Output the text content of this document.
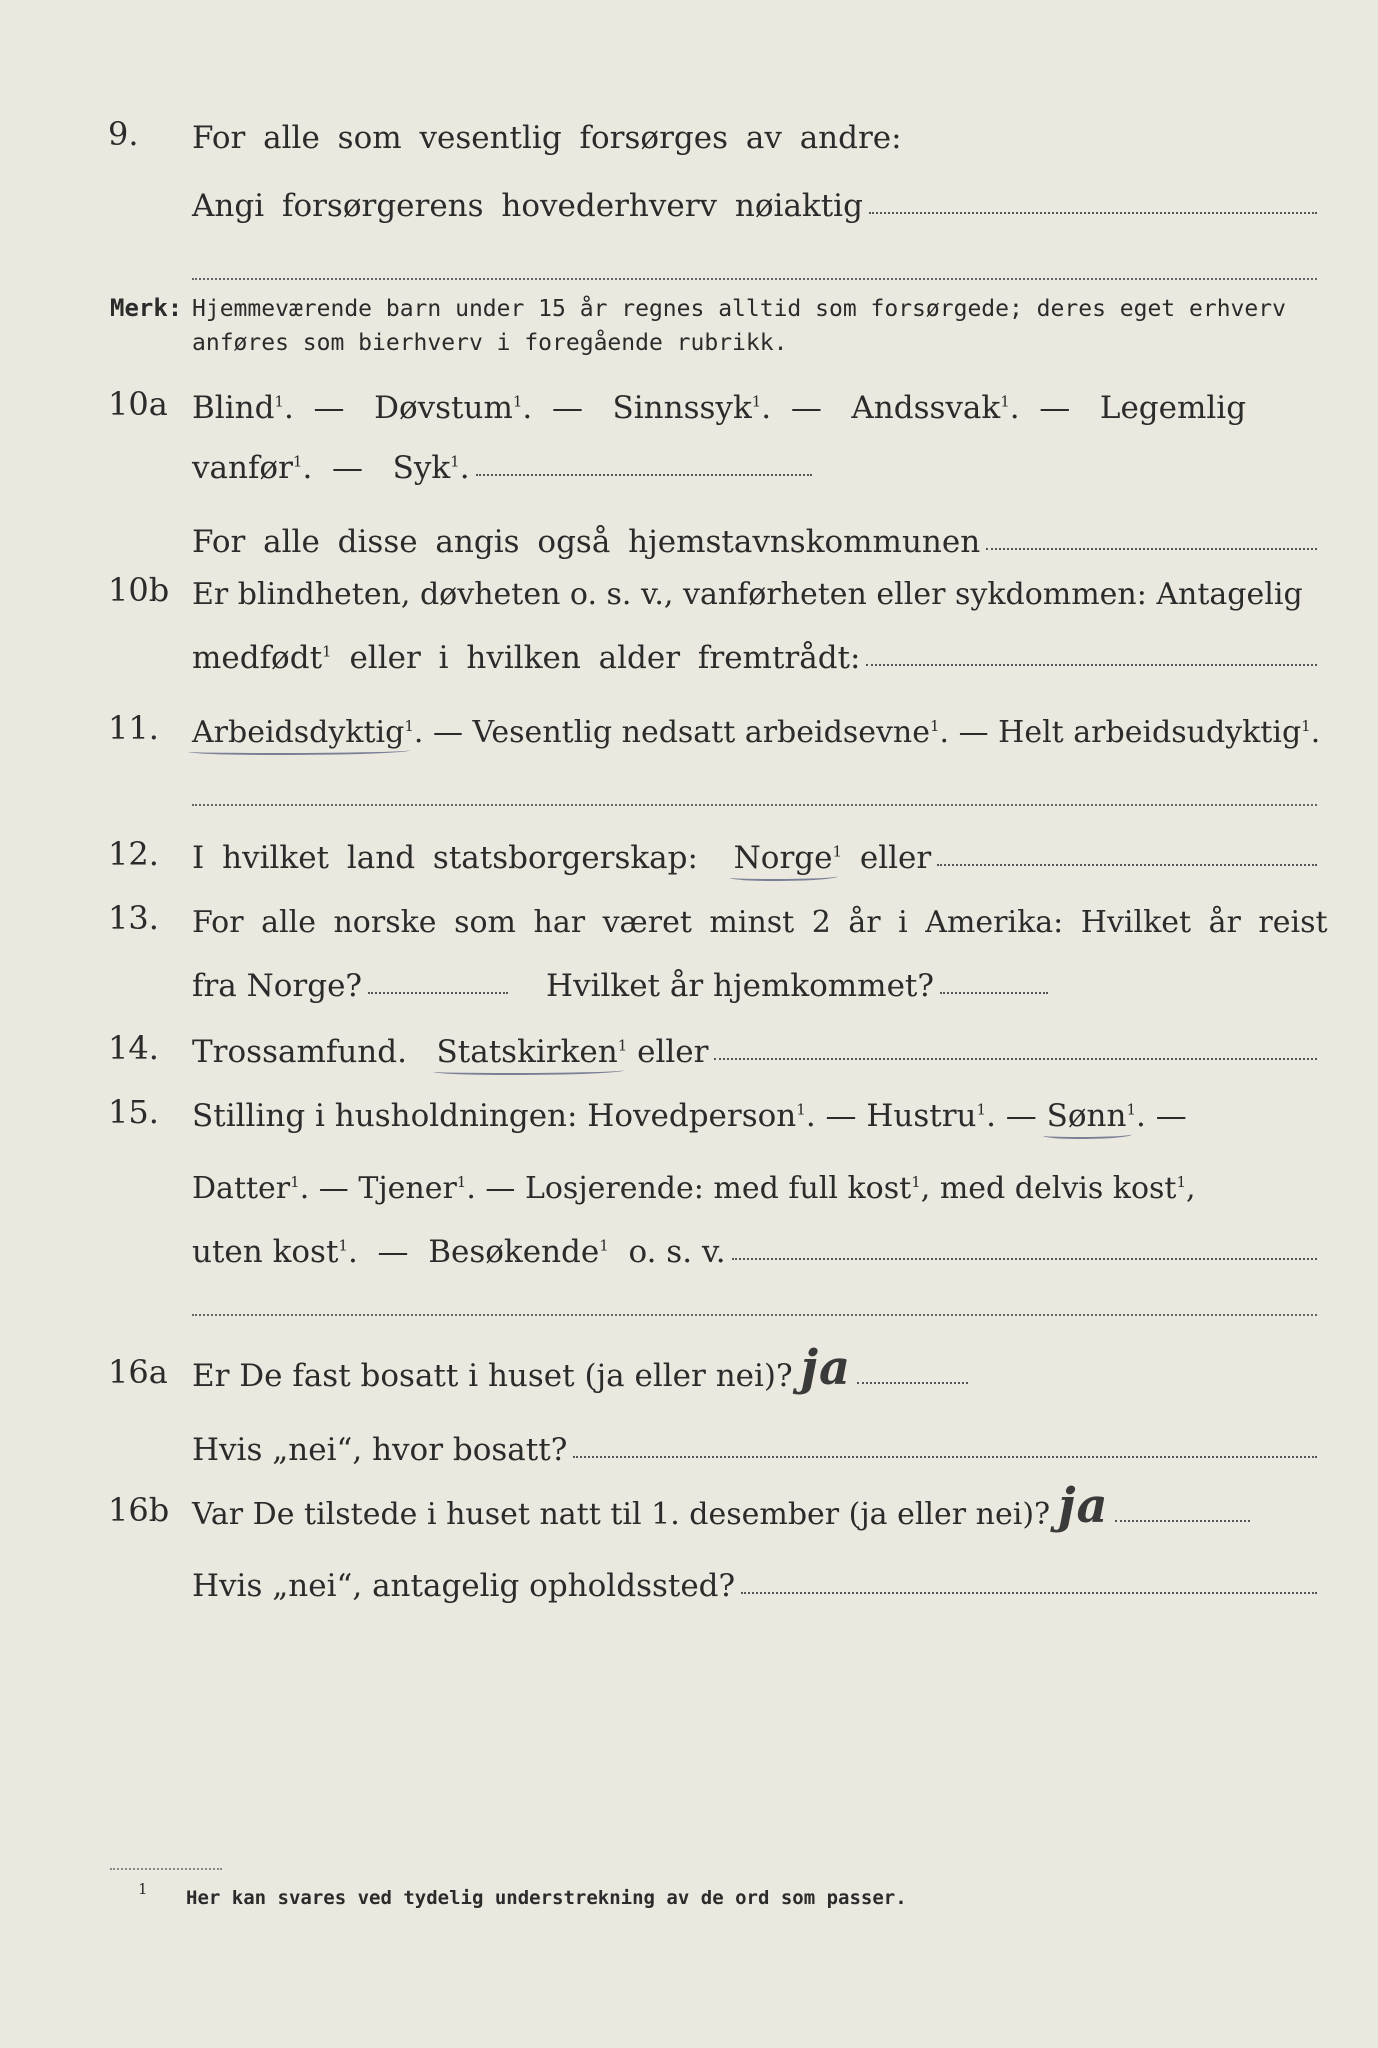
9. For alle som vesentlig forsørges av andre:
Angi forsørgerens hovederhverv nøiaktig
Merk: Hjemmeværende barn under 15 år regnes alltid som forsørgede; deres eget erhverv
anføres som bierhverv i foregående rubrikk.
10a Blind$^1$.  —   Døvstum$^1$.  —   Sinnssyk$^1$.  —   Andssvak$^1$.  —   Legemlig
vanfør$^1$.  —   Syk$^1$.
For alle disse angis også hjemstavnskommunen
10b Er blindheten, døvheten o. s. v., vanførheten eller sykdommen: Antagelig
medfødt$^1$ eller i hvilken alder fremtrådt:
11. Arbeidsdyktig$^1$. — Vesentlig nedsatt arbeidsevne$^1$. — Helt arbeidsudyktig$^1$.
12. I hvilket land statsborgerskap: Norge$^1$ eller
13. For alle norske som har været minst 2 år i Amerika: Hvilket år reist
fra Norge?	Hvilket år hjemkommet?
14. Trossamfund. Statskirken$^1$ eller
15. Stilling i husholdningen: Hovedperson$^1$. — Hustru$^1$. — Sønn$^1$. —
Datter$^1$. — Tjener$^1$. — Losjerende: med full kost$^1$, med delvis kost$^1$,
uten kost$^1$.  —  Besøkende$^1$ o. s. v.
16a Er De fast bosatt i huset (ja eller nei)? ja
Hvis „nei“, hvor bosatt?
16b Var De tilstede i huset natt til 1. desember (ja eller nei)? ja
Hvis „nei“, antagelig opholdssted?
1 Her kan svares ved tydelig understrekning av de ord som passer.
